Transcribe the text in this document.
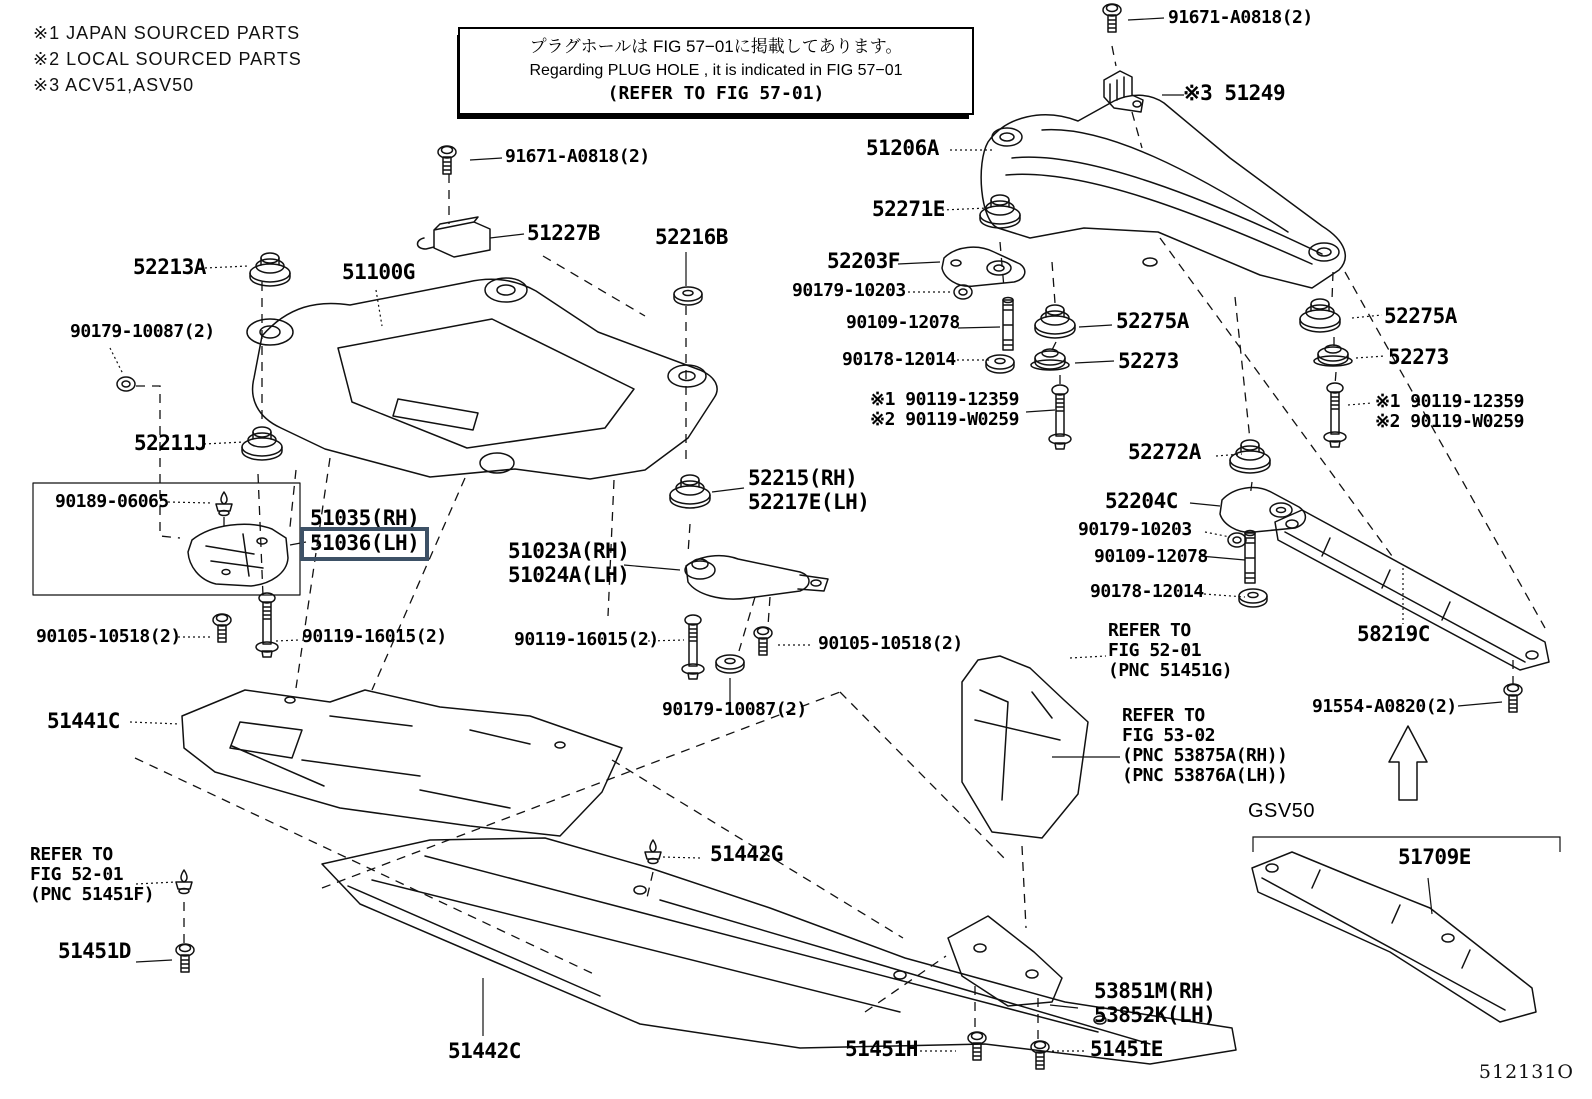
91671-A0818(2)
※3 51249
51206A
52271E
52203F
90179-10203
90109-12078	52275A
90178-12014	52273
※1 90119-12359
※2 90119-W0259
52275A
52273
※1 90119-12359
※2 90119-W0259
52272A
52204C
90179-10203
90109-12078
90178-12014
58219C
91554-A0820(2)
52213A	51100G
90179-10087(2)
52211J
90189-06065
51035(RH)
51036(LH)	51023A(RH)
51024A(LH)
52215(RH)
52217E(LH)
91671-A0818(2)
51227B	52216B
90105-10518(2)	90119-16015(2)	90119-16015(2)	90105-10518(2)
90179-10087(2)
51441C
REFER TO
FIG 52-01
(PNC 51451F)
51451D
51442G
51442C
REFER TO
FIG 52-01
(PNC 51451G)
REFER TO
FIG 53-02
(PNC 53875A(RH))
(PNC 53876A(LH))
GSV50
51709E
53851M(RH)
53852K(LH)
51451H	51451E
※1 JAPAN SOURCED PARTS
※2 LOCAL SOURCED PARTS
※3 ACV51,ASV50
プラグホールは FIG 57−01に掲載してあります。
Regarding PLUG HOLE , it is indicated in FIG 57−01
(REFER TO FIG 57-01)
512131O
